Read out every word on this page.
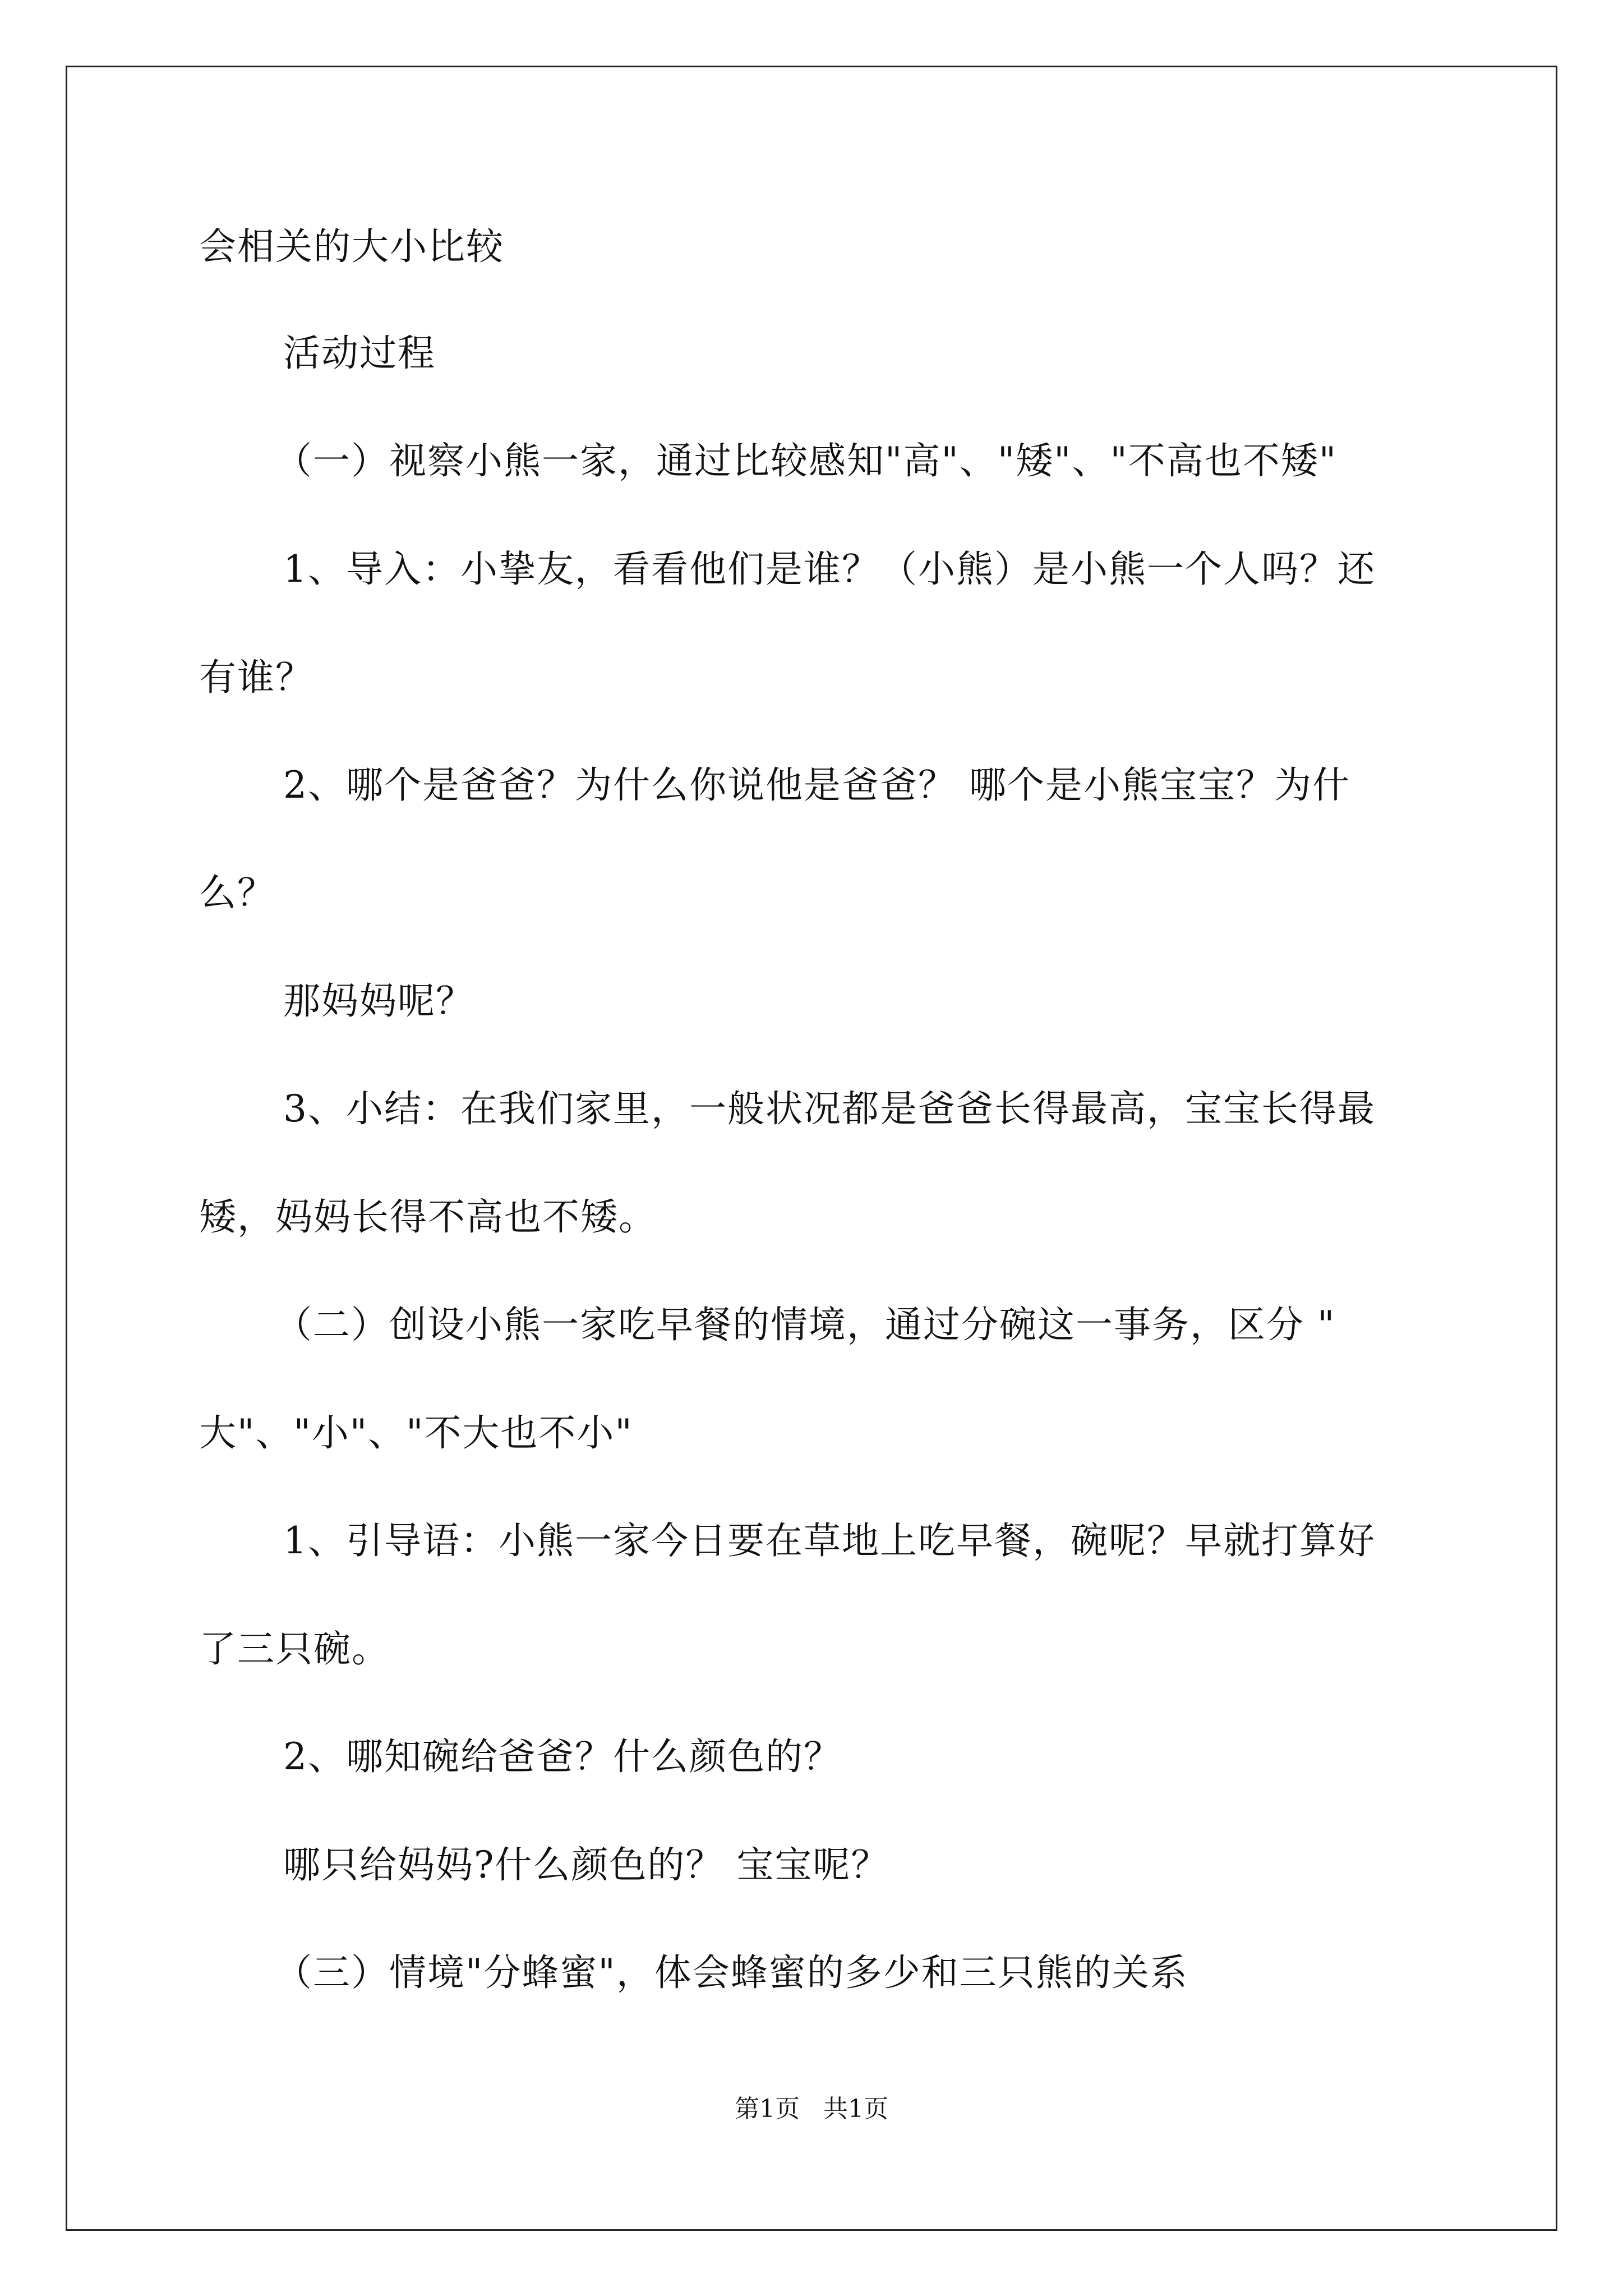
会相关的大小比较
活动过程
（一）视察小熊一家，通过比较感知"高"、"矮"、"不高也不矮"
1、导入：小挚友，看看他们是谁？（小熊）是小熊一个人吗？还
有谁？
2、哪个是爸爸？为什么你说他是爸爸？ 哪个是小熊宝宝？为什
么？
那妈妈呢？
3、小结：在我们家里，一般状况都是爸爸长得最高，宝宝长得最
矮，妈妈长得不高也不矮。
（二）创设小熊一家吃早餐的情境，通过分碗这一事务，区分 "
大"、"小"、"不大也不小"
1、引导语：小熊一家今日要在草地上吃早餐，碗呢？早就打算好
了三只碗。
2、哪知碗给爸爸？什么颜色的？
哪只给妈妈?什么颜色的？ 宝宝呢？
（三）情境"分蜂蜜"，体会蜂蜜的多少和三只熊的关系
第1页   共1页
